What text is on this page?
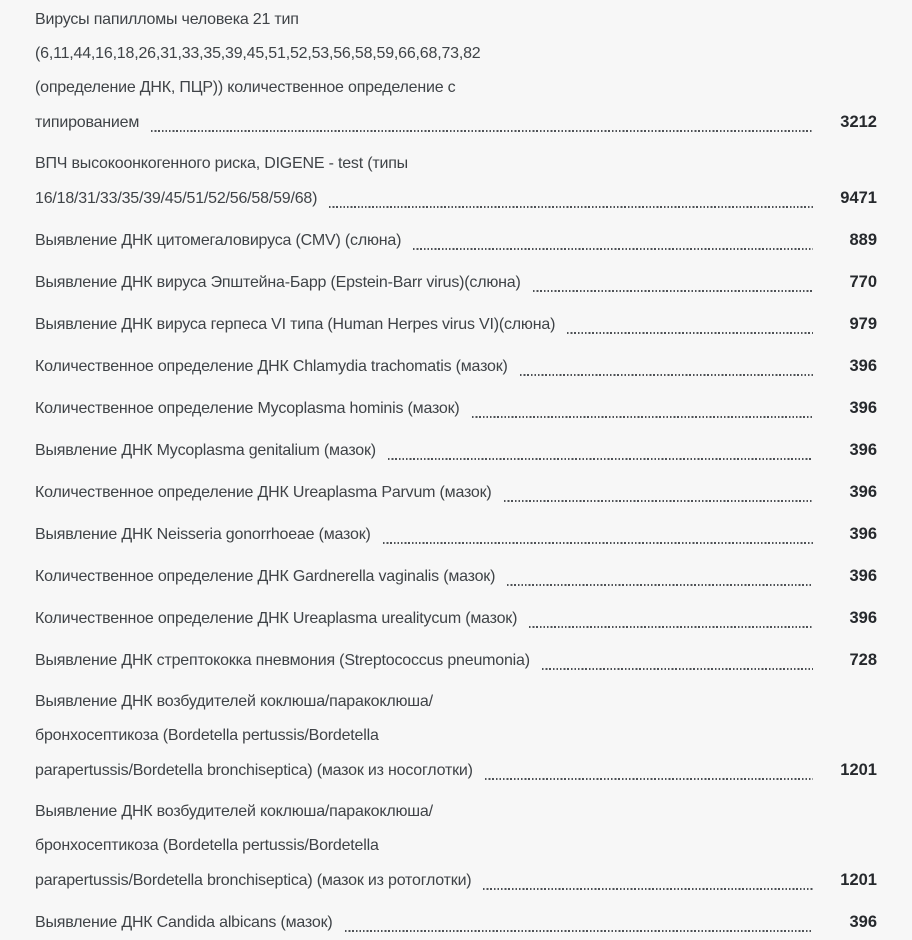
Вирусы папилломы человека 21 тип
(6,11,44,16,18,26,31,33,35,39,45,51,52,53,56,58,59,66,68,73,82
(определение ДНК, ПЦР)) количественное определение с
типированием	3212
ВПЧ высокоонкогенного риска, DIGENE - test (типы
16/18/31/33/35/39/45/51/52/56/58/59/68)	9471
Выявление ДНК цитомегаловируса (CMV) (слюна)	889
Выявление ДНК вируса Эпштейна-Барр (Epstein-Barr virus)(слюна)	770
Выявление ДНК вируса герпеса VI типа (Human Herpes virus VI)(слюна)	979
Количественное определение ДНК Chlamydia trachomatis (мазок)	396
Количественное определение Mycoplasma hominis (мазок)	396
Выявление ДНК Mycoplasma genitalium (мазок)	396
Количественное определение ДНК Ureaplasma Parvum (мазок)	396
Выявление ДНК Neisseria gonorrhoeae (мазок)	396
Количественное определение ДНК Gardnerella vaginalis (мазок)	396
Количественное определение ДНК Ureaplasma urealitycum (мазок)	396
Выявление ДНК стрептококка пневмония (Streptococcus pneumonia)	728
Выявление ДНК возбудителей коклюша/паракоклюша/
бронхосептикоза (Bordetella pertussis/Bordetella
parapertussis/Bordetella bronchiseptica) (мазок из носоглотки)	1201
Выявление ДНК возбудителей коклюша/паракоклюша/
бронхосептикоза (Bordetella pertussis/Bordetella
parapertussis/Bordetella bronchiseptica) (мазок из ротоглотки)	1201
Выявление ДНК Candida albicans (мазок)	396
